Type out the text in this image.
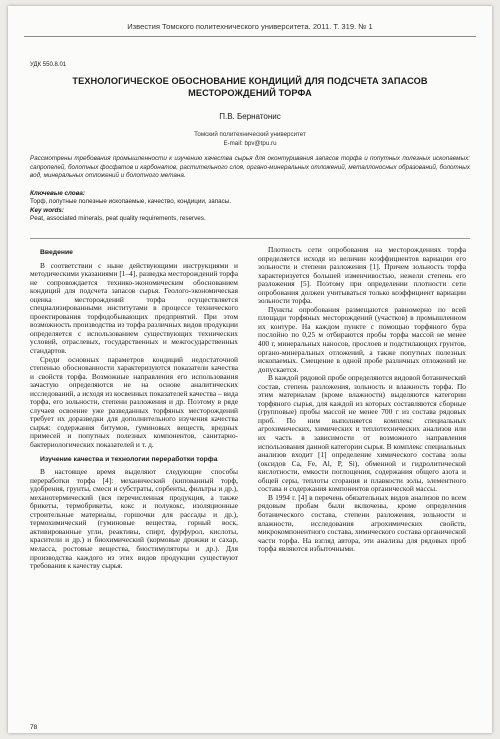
Известия Томского политехнического университета. 2011. Т. 319. № 1
УДК 550.8.01
ТЕХНОЛОГИЧЕСКОЕ ОБОСНОВАНИЕ КОНДИЦИЙ ДЛЯ ПОДСЧЕТА ЗАПАСОВ МЕСТОРОЖДЕНИЙ ТОРФА
П.В. Бернатонис
Томский политехнический университет
E-mail: bpv@tpu.ru
Рассмотрены требования промышленности к изучению качества сырья для оконтуривания запасов торфа и попутных полезных ископаемых: сапропелей, болотных фосфатов и карбонатов, растительного слоя, органо-минеральных отложений, металлоносных образований, болотных вод, минеральных отложений и болотного метана.
Ключевые слова:
Торф, попутные полезные ископаемые, качество, кондиции, запасы.
Key words:
Peat, associated minerals, peat quality requirements, reserves.
Введение

В соответствии с ныне действующими инструкциями и методическими указаниями [1–4], разведка месторождений торфа не сопровождается технико-экономическим обоснованием кондиций для подсчета запасов сырья. Геолого-экономическая оценка месторождений торфа осуществляется специализированными институтами в процессе технического проектирования торфодобывающих предприятий. При этом возможность производства из торфа различных видов продукции определяется с использованием существующих технических условий, отраслевых, государственных и межгосударственных стандартов.

Среди основных параметров кондиций недостаточной степенью обоснованности характеризуются показатели качества и свойств торфа. Возможные направления его использования зачастую определяются не на основе аналитических исследований, а исходя из косвенных показателей качества – вида торфа, его зольности, степени разложения и др. Поэтому в ряде случаев освоение уже разведанных торфяных месторождений требует их доразведки для дополнительного изучения качества сырья: содержания битумов, гуминовых веществ, вредных примесей и попутных полезных компонентов, санитарно-бактериологических показателей и т. д.

Изучение качества и технологии переработки торфа

В настоящее время выделяют следующие способы переработки торфа [4]: механический (кипованный торф, удобрения, грунты, смеси и субстраты, сорбенты, фильтры и др.), механотермический (вся перечисленная продукция, а также брикеты, термобрикеты, кокс и полукокс, изоляционные строительные материалы, горшочки для рассады и др.), термохимический (гуминовые вещества, горный воск, активированные угли, реактивы, спирт, фурфурол, кислоты, красители и др.) и биохимический (кормовые дрожжи и сахар, меласса, ростовые вещества, биостимуляторы и др.). Для производства каждого из этих видов продукции существуют требования к качеству сырья.

Плотность сети опробования на месторождениях торфа определяется исходя из величин коэффициентов вариации его зольности и степени разложения [1]. Причем зольность торфа характеризуется большей изменчивостью, нежели степень его разложения [5]. Поэтому при определении плотности сети опробования должен учитываться только коэффициент вариации зольности торфа.

Пункты опробования размещаются равномерно по всей площади торфяных месторождений (участков) в промышленном их контуре. На каждом пункте с помощью торфяного бура послойно по 0,25 м отбираются пробы торфа массой не менее 400 г, минеральных наносов, прослоев и подстилающих грунтов, органо-минеральных отложений, а также попутных полезных ископаемых. Смещение в одной пробе различных отложений не допускается.

В каждой рядовой пробе определяются видовой ботанический состав, степень разложения, зольность и влажность торфа. По этим материалам (кроме влажности) выделяются категории торфяного сырья, для каждой из которых составляются сборные (групповые) пробы массой не менее 700 г из состава рядовых проб. По ним выполняется комплекс специальных агрохимических, химических и теплотехнических анализов или их часть в зависимости от возможного направления использования данной категории сырья. В комплекс специальных анализов входит [1] определение химического состава золы (оксидов Ca, Fe, Al, P, Si), обменной и гидролитической кислотности, емкости поглощения, содержания общего азота и общей серы, теплоты сгорания и плавкости золы, элементного состава и содержания компонентов органической массы.

В 1994 г. [4] в перечень обязательных видов анализов по всем рядовым пробам были включены, кроме определения ботанического состава, степени разложения, зольности и влажности, исследования агрохимических свойств, микрокомпонентного состава, химического состава органической части торфа. На взгляд автора, эти анализы для рядовых проб торфа являются избыточными.

78
